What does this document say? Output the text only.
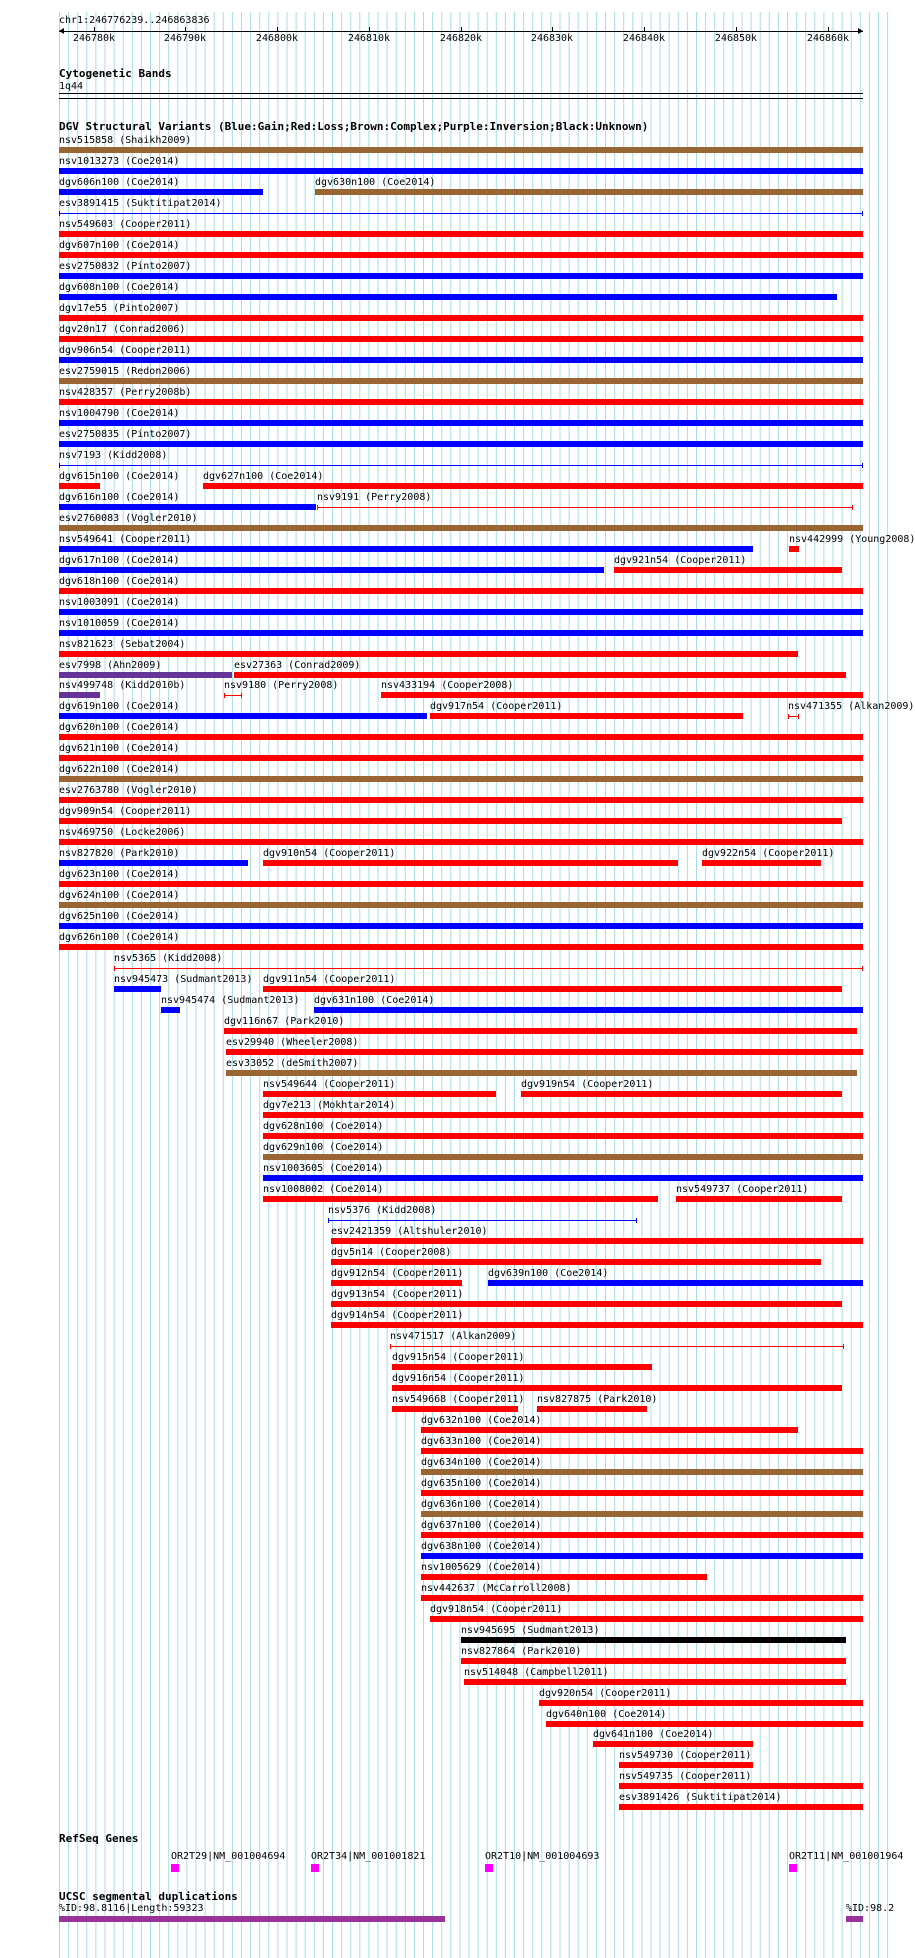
chr1:246776239..246863836
246780k	246790k	246800k	246810k	246820k	246830k	246840k	246850k	246860k
Cytogenetic Bands
1q44
DGV Structural Variants (Blue:Gain;Red:Loss;Brown:Complex;Purple:Inversion;Black:Unknown)
nsv515858 (Shaikh2009)
nsv1013273 (Coe2014)
dgv606n100 (Coe2014)	dgv630n100 (Coe2014)
esv3891415 (Suktitipat2014)
nsv549603 (Cooper2011)
dgv607n100 (Coe2014)
esv2750832 (Pinto2007)
dgv608n100 (Coe2014)
dgv17e55 (Pinto2007)
dgv20n17 (Conrad2006)
dgv906n54 (Cooper2011)
esv2759015 (Redon2006)
nsv428357 (Perry2008b)
nsv1004790 (Coe2014)
esv2750835 (Pinto2007)
nsv7193 (Kidd2008)
dgv615n100 (Coe2014) dgv627n100 (Coe2014)
dgv616n100 (Coe2014)	nsv9191 (Perry2008)
esv2760083 (Vogler2010)
nsv549641 (Cooper2011)	nsv442999 (Young2008)
dgv617n100 (Coe2014)	dgv921n54 (Cooper2011)
dgv618n100 (Coe2014)
nsv1003091 (Coe2014)
nsv1010059 (Coe2014)
nsv821623 (Sebat2004)
esv7998 (Ahn2009)	esv27363 (Conrad2009)
nsv499748 (Kidd2010b)	nsv9180 (Perry2008)	nsv433194 (Cooper2008)
dgv619n100 (Coe2014)	dgv917n54 (Cooper2011)	nsv471355 (Alkan2009)
dgv620n100 (Coe2014)
dgv621n100 (Coe2014)
dgv622n100 (Coe2014)
esv2763780 (Vogler2010)
dgv909n54 (Cooper2011)
nsv469750 (Locke2006)
nsv827820 (Park2010)	dgv910n54 (Cooper2011)	dgv922n54 (Cooper2011)
dgv623n100 (Coe2014)
dgv624n100 (Coe2014)
dgv625n100 (Coe2014)
dgv626n100 (Coe2014)
nsv5365 (Kidd2008)
nsv945473 (Sudmant2013) dgv911n54 (Cooper2011)
nsv945474 (Sudmant2013) dgv631n100 (Coe2014)
dgv116n67 (Park2010)
esv29940 (Wheeler2008)
esv33052 (deSmith2007)
nsv549644 (Cooper2011)	dgv919n54 (Cooper2011)
dgv7e213 (Mokhtar2014)
dgv628n100 (Coe2014)
dgv629n100 (Coe2014)
nsv1003605 (Coe2014)
nsv1008002 (Coe2014)	nsv549737 (Cooper2011)
nsv5376 (Kidd2008)
esv2421359 (Altshuler2010)
dgv5n14 (Cooper2008)
dgv912n54 (Cooper2011) dgv639n100 (Coe2014)
dgv913n54 (Cooper2011)
dgv914n54 (Cooper2011)
nsv471517 (Alkan2009)
dgv915n54 (Cooper2011)
dgv916n54 (Cooper2011)
nsv549668 (Cooper2011) nsv827875 (Park2010)
dgv632n100 (Coe2014)
dgv633n100 (Coe2014)
dgv634n100 (Coe2014)
dgv635n100 (Coe2014)
dgv636n100 (Coe2014)
dgv637n100 (Coe2014)
dgv638n100 (Coe2014)
nsv1005629 (Coe2014)
nsv442637 (McCarroll2008)
dgv918n54 (Cooper2011)
nsv945695 (Sudmant2013)
nsv827864 (Park2010)
nsv514048 (Campbell2011)
dgv920n54 (Cooper2011)
dgv640n100 (Coe2014)
dgv641n100 (Coe2014)
nsv549730 (Cooper2011)
nsv549735 (Cooper2011)
esv3891426 (Suktitipat2014)
RefSeq Genes
OR2T29|NM_001004694	OR2T34|NM_001001821	OR2T10|NM_001004693	OR2T11|NM_001001964
UCSC segmental duplications
%ID:98.8116|Length:59323	%ID:98.2
